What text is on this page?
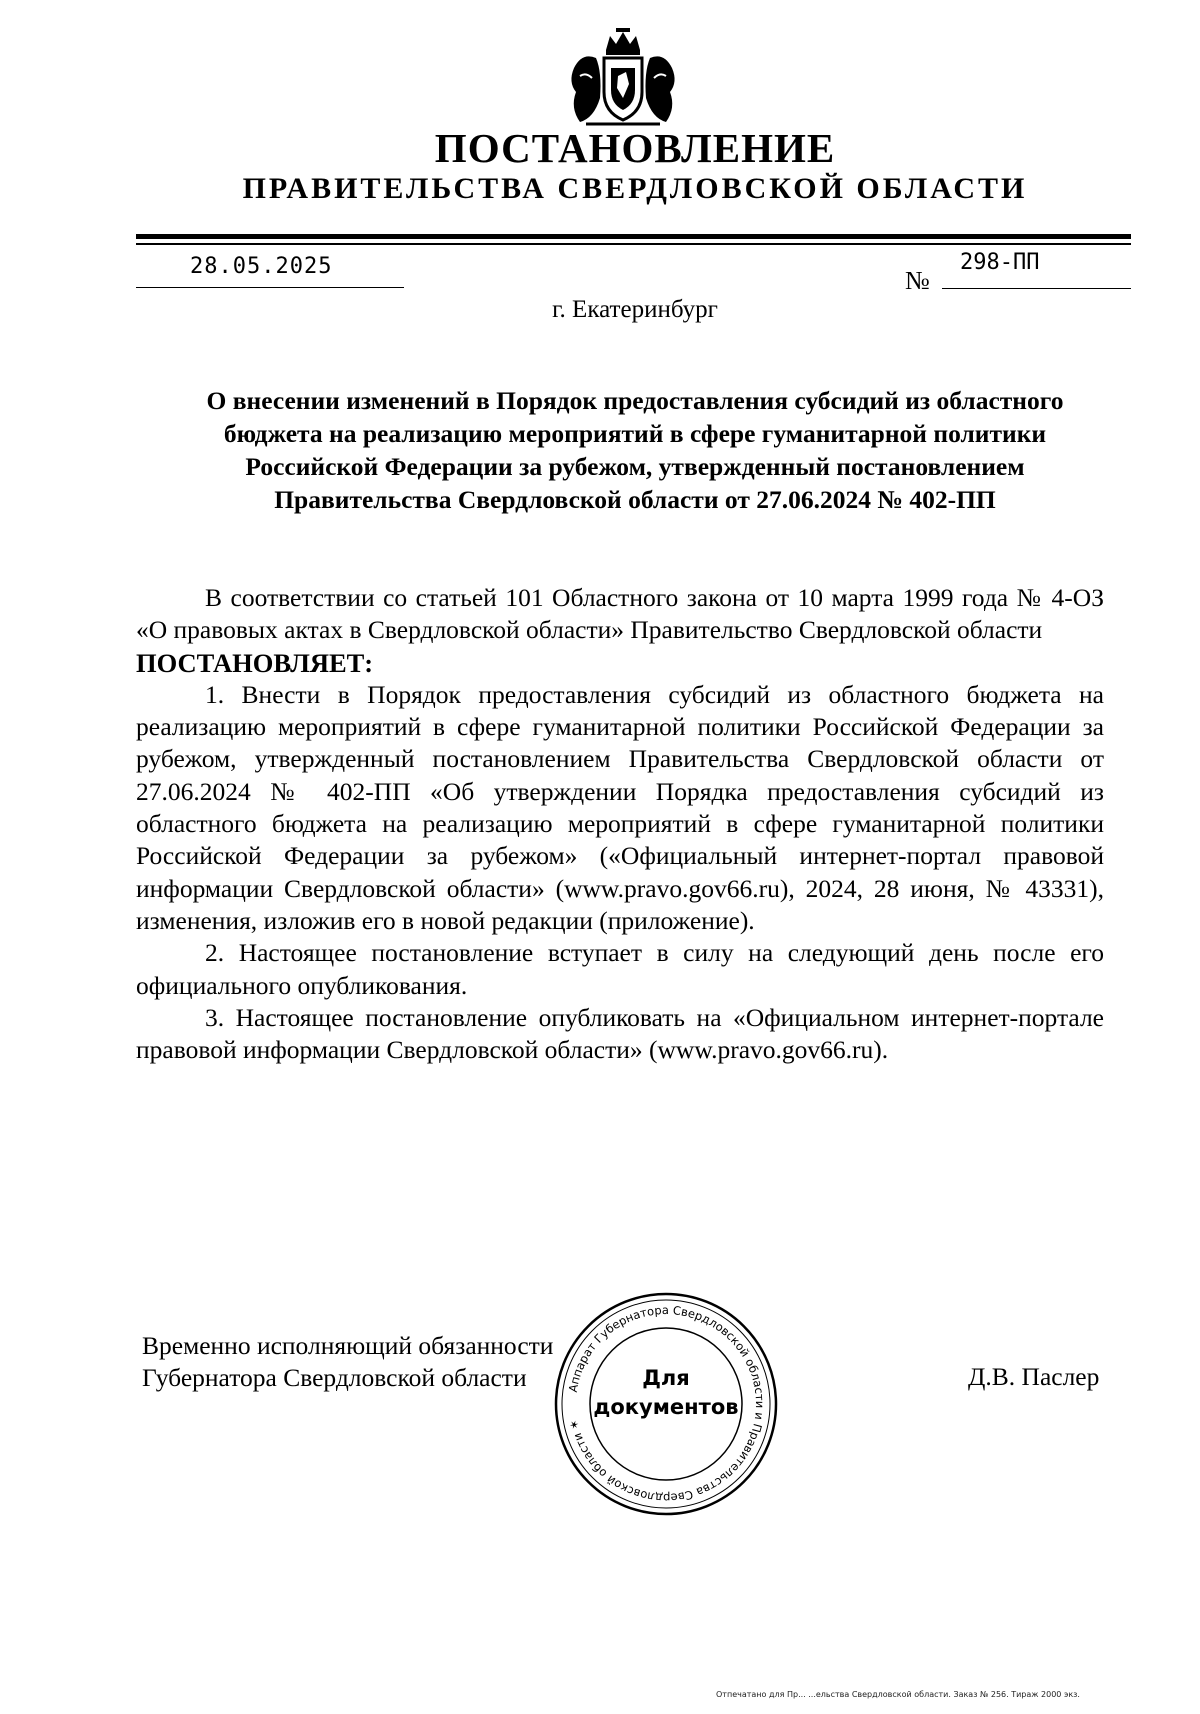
ПОСТАНОВЛЕНИЕ
ПРАВИТЕЛЬСТВА СВЕРДЛОВСКОЙ ОБЛАСТИ
28.05.2025	№
298-ПП
г. Екатеринбург
О внесении изменений в Порядок предоставления субсидий из областного
бюджета на реализацию мероприятий в сфере гуманитарной политики
Российской Федерации за рубежом, утвержденный постановлением
Правительства Свердловской области от 27.06.2024 № 402-ПП

В соответствии со статьей 101 Областного закона от 10 марта 1999 года № 4-ОЗ «О правовых актах в Свердловской области» Правительство Свердловской области

ПОСТАНОВЛЯЕТ:

1. Внести в Порядок предоставления субсидий из областного бюджета на реализацию мероприятий в сфере гуманитарной политики Российской Федерации за рубежом, утвержденный постановлением Правительства Свердловской области от 27.06.2024 № 402-ПП «Об утверждении Порядка предоставления субсидий из областного бюджета на реализацию мероприятий в сфере гуманитарной политики Российской Федерации за рубежом» («Официальный интернет-портал правовой информации Свердловской области» (www.pravo.gov66.ru), 2024, 28 июня, № 43331), изменения, изложив его в новой редакции (приложение).

2. Настоящее постановление вступает в силу на следующий день после его официального опубликования.

3. Настоящее постановление опубликовать на «Официальном интернет-портале правовой информации Свердловской области» (www.pravo.gov66.ru).

Временно исполняющий обязанности
Губернатора Свердловской области	Д.В. Паслер
Аппарат Губернатора Свердловской области и Правительства Свердловской области ✶
Для
документов
Отпечатано для Пр... ...ельства Свердловской области. Заказ № 256. Тираж 2000 экз.
